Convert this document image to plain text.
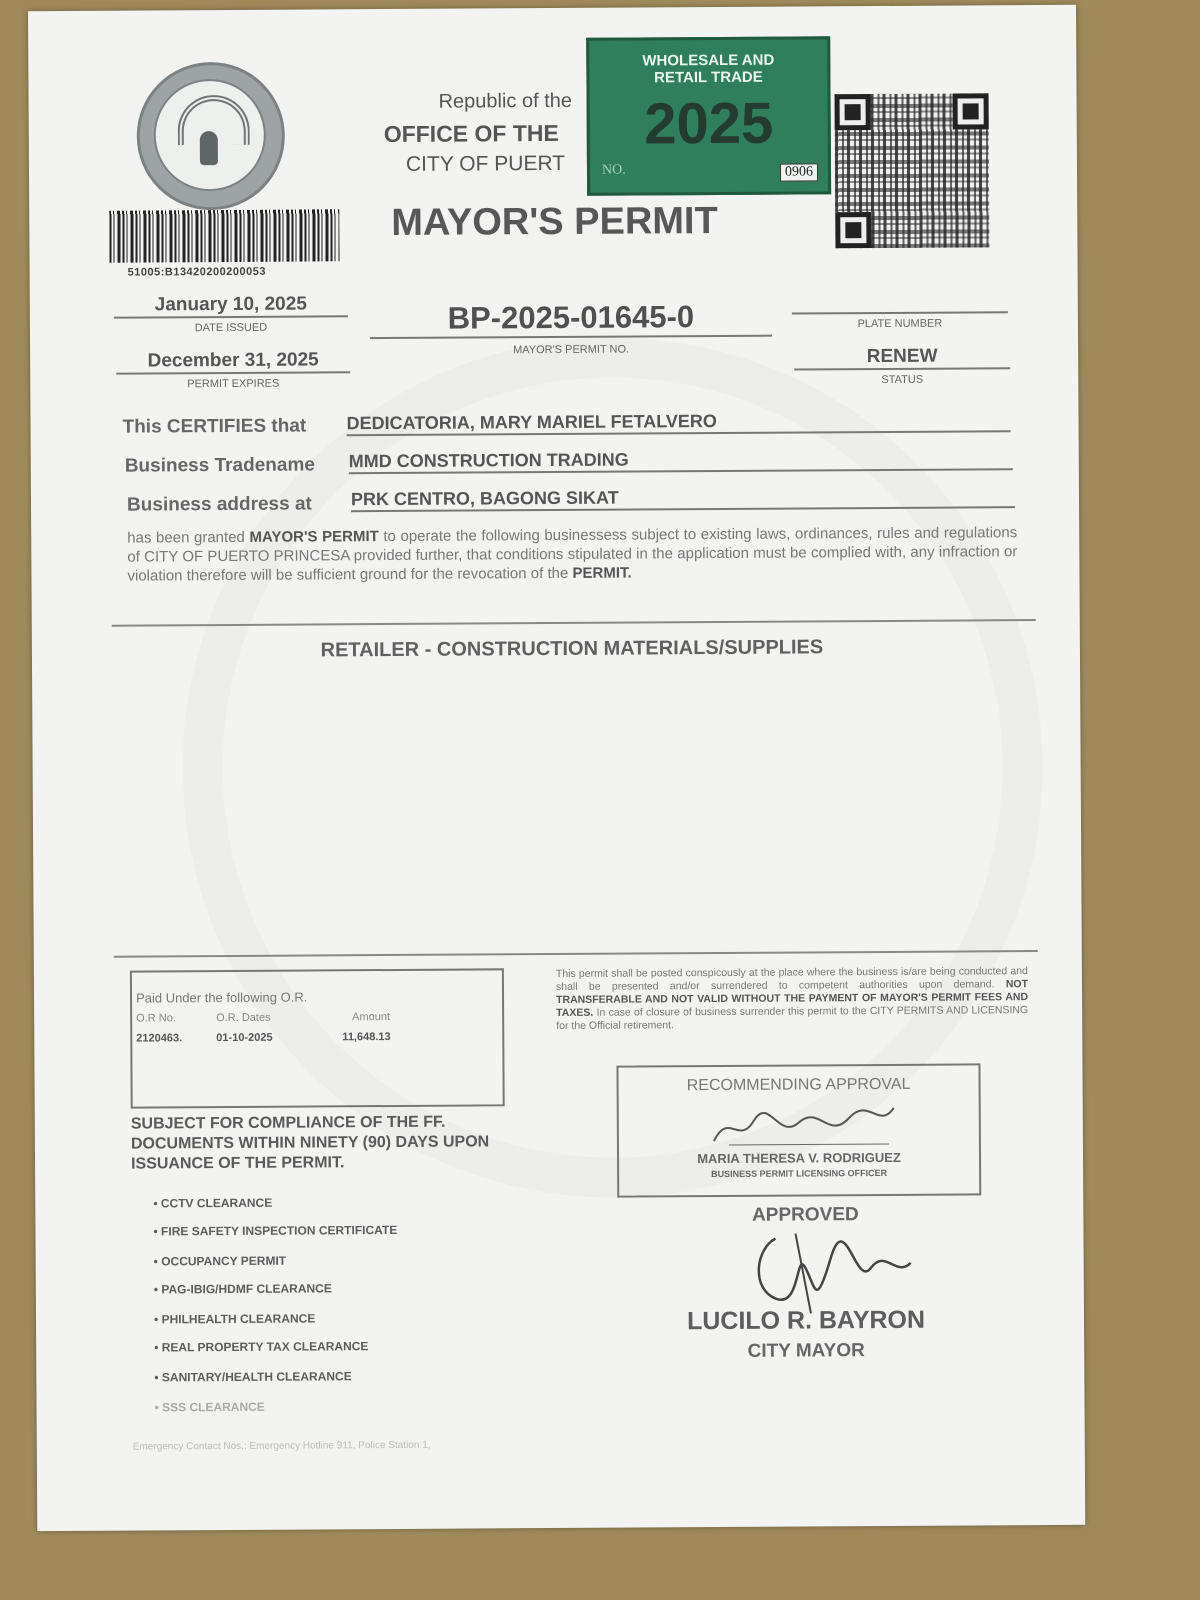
51005:B13420200200053
Republic of the
OFFICE OF THE
CITY OF PUERT
MAYOR'S PERMIT
WHOLESALE AND
RETAIL TRADE
2025
NO.	0906
January 10, 2025
DATE ISSUED
December 31, 2025
PERMIT EXPIRES
BP-2025-01645-0
MAYOR'S PERMIT NO.
PLATE NUMBER
RENEW
STATUS
This CERTIFIES that DEDICATORIA, MARY MARIEL FETALVERO
Business Tradename MMD CONSTRUCTION TRADING
Business address at PRK CENTRO, BAGONG SIKAT
has been granted MAYOR'S PERMIT to operate the following businessess subject to existing laws, ordinances, rules and regulations of CITY OF PUERTO PRINCESA provided further, that conditions stipulated in the application must be complied with, any infraction or violation therefore will be sufficient ground for the revocation of the PERMIT.
RETAILER - CONSTRUCTION MATERIALS/SUPPLIES
Paid Under the following O.R.
O.R No.	O.R. Dates	Amount
2120463.	01-10-2025	11,648.13
SUBJECT FOR COMPLIANCE OF THE FF. DOCUMENTS WITHIN NINETY (90) DAYS UPON ISSUANCE OF THE PERMIT.
• CCTV CLEARANCE
• FIRE SAFETY INSPECTION CERTIFICATE
• OCCUPANCY PERMIT
• PAG-IBIG/HDMF CLEARANCE
• PHILHEALTH CLEARANCE
• REAL PROPERTY TAX CLEARANCE
• SANITARY/HEALTH CLEARANCE
• SSS CLEARANCE
This permit shall be posted conspicously at the place where the business is/are being conducted and shall be presented and/or surrendered to competent authorities upon demand. NOT TRANSFERABLE AND NOT VALID WITHOUT THE PAYMENT OF MAYOR'S PERMIT FEES AND TAXES. In case of closure of business surrender this permit to the CITY PERMITS AND LICENSING for the Official retirement.
RECOMMENDING APPROVAL
MARIA THERESA V. RODRIGUEZ
BUSINESS PERMIT LICENSING OFFICER
APPROVED
LUCILO R. BAYRON
CITY MAYOR
Emergency Contact Nos.: Emergency Hotline 911, Police Station 1,
